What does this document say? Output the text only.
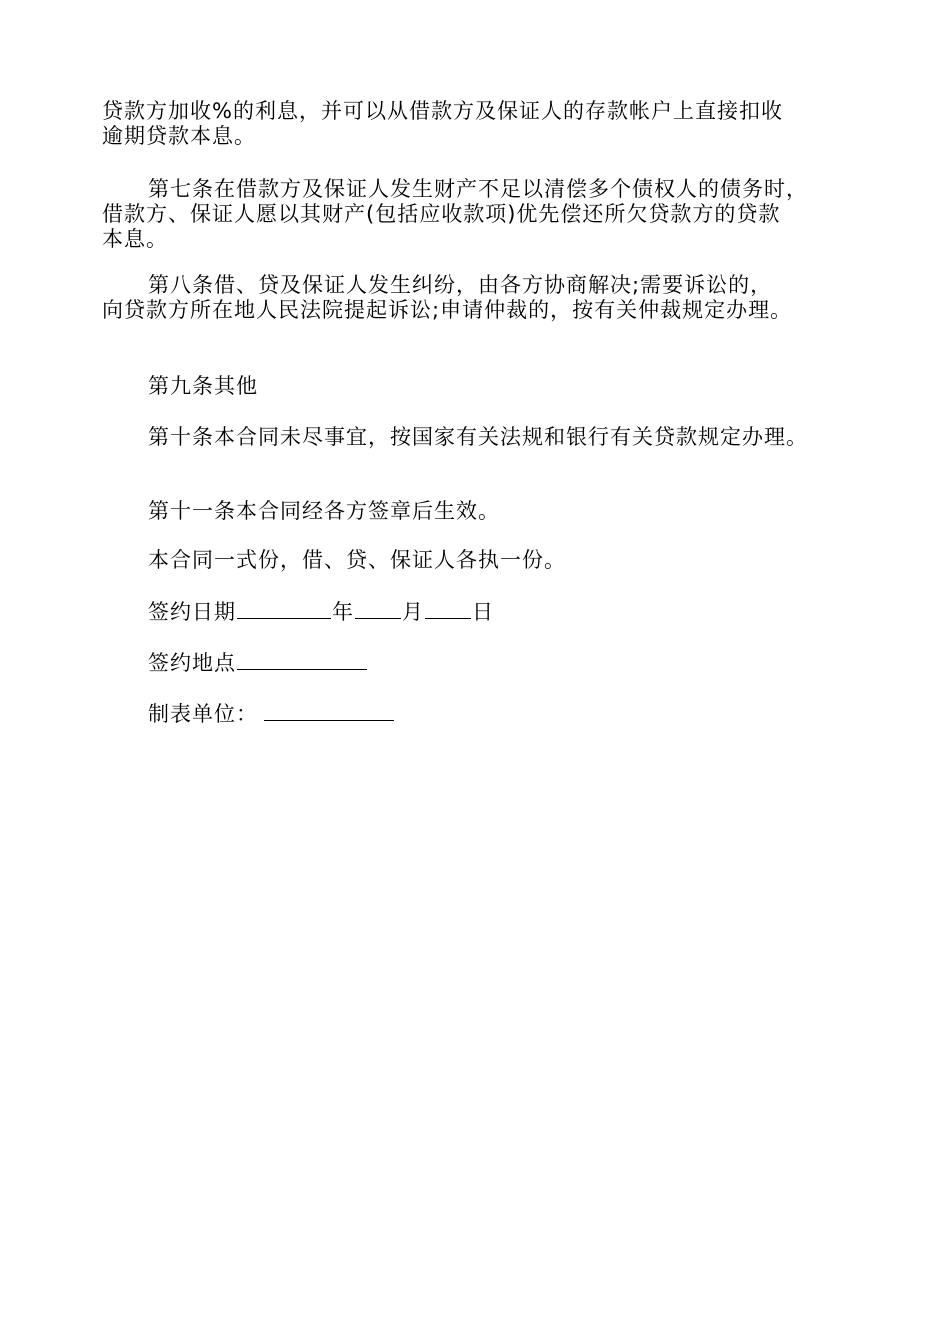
贷款方加收%的利息，并可以从借款方及保证人的存款帐户上直接扣收
逾期贷款本息。
第七条在借款方及保证人发生财产不足以清偿多个债权人的债务时，
借款方、保证人愿以其财产(包括应收款项)优先偿还所欠贷款方的贷款
本息。
第八条借、贷及保证人发生纠纷，由各方协商解决;需要诉讼的，
向贷款方所在地人民法院提起诉讼;申请仲裁的，按有关仲裁规定办理。
第九条其他
第十条本合同未尽事宜，按国家有关法规和银行有关贷款规定办理。
第十一条本合同经各方签章后生效。
本合同一式份，借、贷、保证人各执一份。
签约日期	年 月 日
签约地点
制表单位：
